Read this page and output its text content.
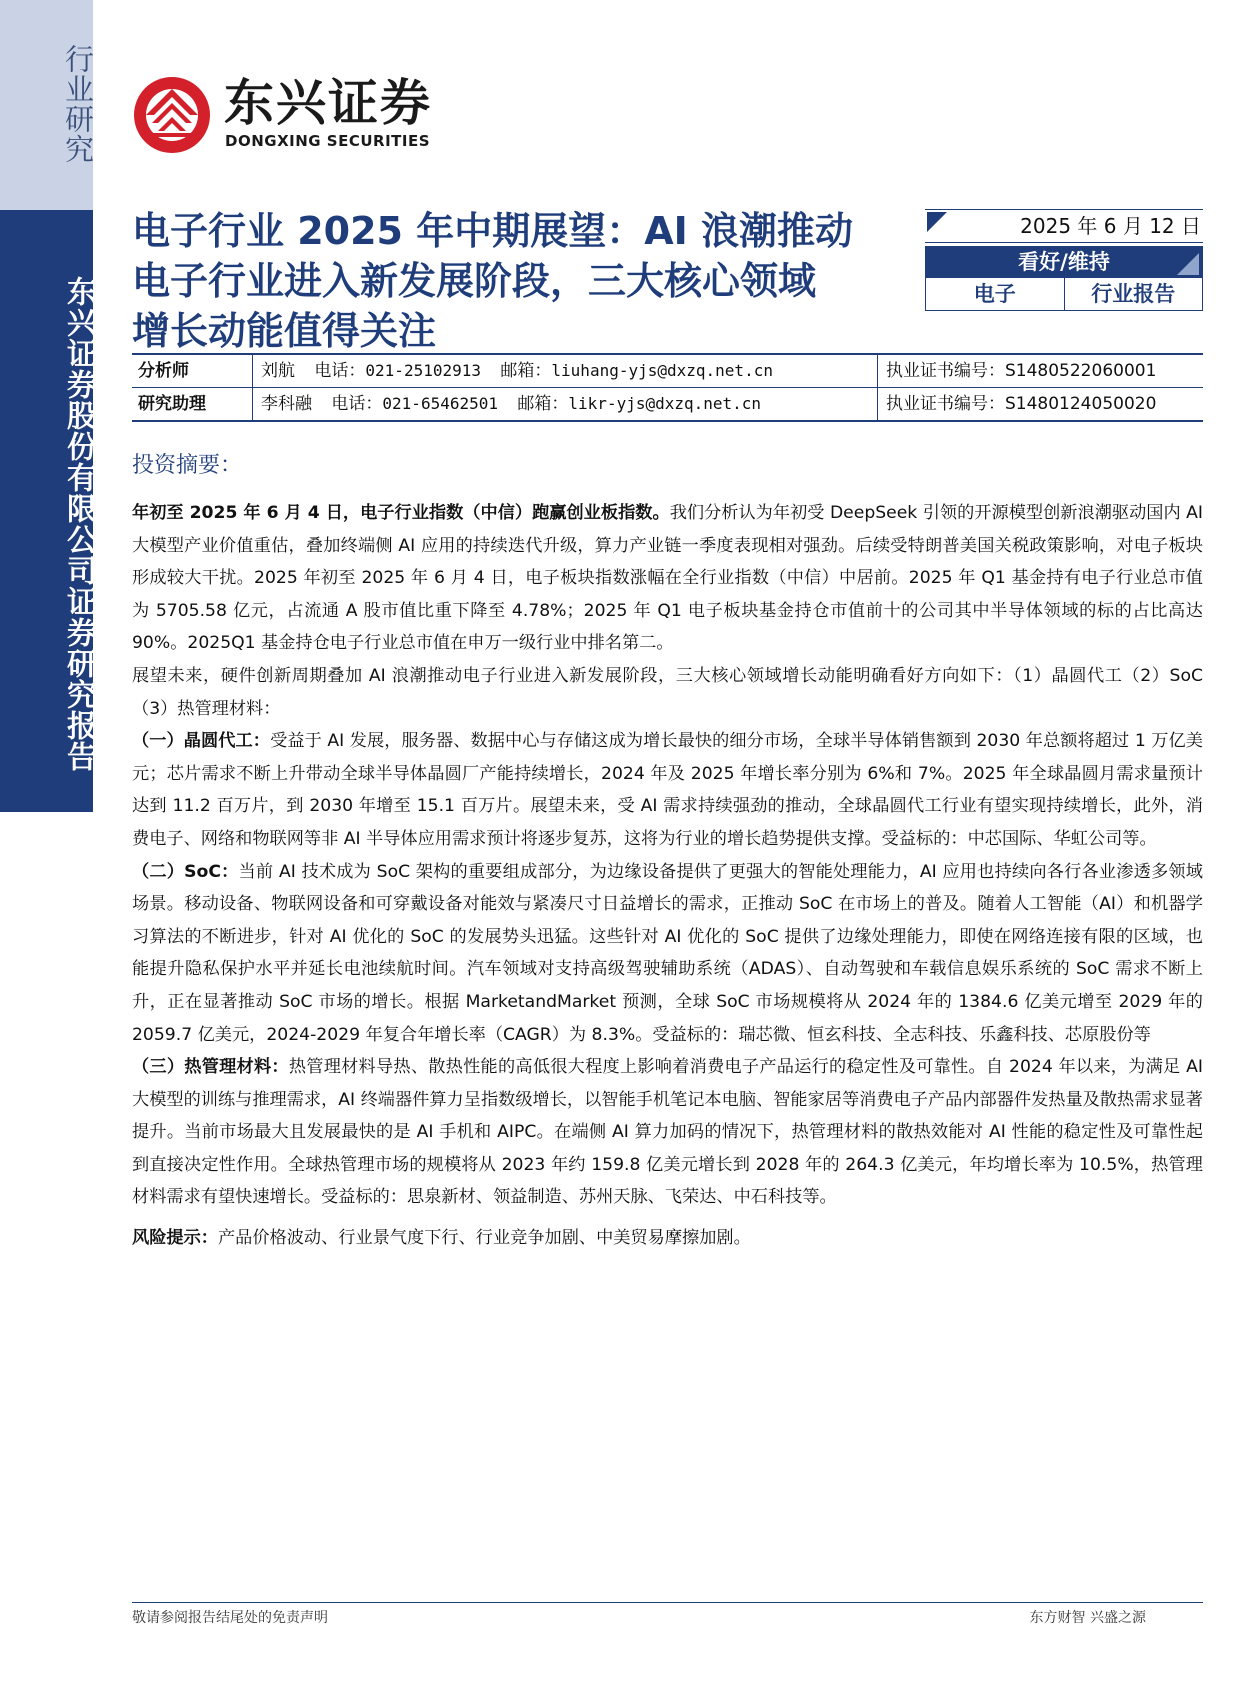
行业研究
东兴证券股份有限公司证券研究报告
东兴证券
DONGXING SECURITIES
电子行业 2025 年中期展望：AI 浪潮推动
电子行业进入新发展阶段，三大核心领域
增长动能值得关注
2025 年 6 月 12 日
看好/维持
电子	行业报告
分析师	刘航 电话：021-25102913 邮箱：liuhang-yjs@dxzq.net.cn	执业证书编号：S1480522060001
研究助理	李科融 电话：021-65462501 邮箱：likr-yjs@dxzq.net.cn	执业证书编号：S1480124050020
投资摘要：

年初至 2025 年 6 月 4 日，电子行业指数（中信）跑赢创业板指数。我们分析认为年初受 DeepSeek 引领的开源模型创新浪潮驱动国内 AI 大模型产业价值重估，叠加终端侧 AI 应用的持续迭代升级，算力产业链一季度表现相对强劲。后续受特朗普美国关税政策影响，对电子板块形成较大干扰。2025 年初至 2025 年 6 月 4 日，电子板块指数涨幅在全行业指数（中信）中居前。2025 年 Q1 基金持有电子行业总市值为 5705.58 亿元，占流通 A 股市值比重下降至 4.78%；2025 年 Q1 电子板块基金持仓市值前十的公司其中半导体领域的标的占比高达 90%。2025Q1 基金持仓电子行业总市值在申万一级行业中排名第二。

展望未来，硬件创新周期叠加 AI 浪潮推动电子行业进入新发展阶段，三大核心领域增长动能明确看好方向如下：（1）晶圆代工（2）SoC（3）热管理材料：

（一）晶圆代工：受益于 AI 发展，服务器、数据中心与存储这成为增长最快的细分市场，全球半导体销售额到 2030 年总额将超过 1 万亿美元；芯片需求不断上升带动全球半导体晶圆厂产能持续增长，2024 年及 2025 年增长率分别为 6%和 7%。2025 年全球晶圆月需求量预计达到 11.2 百万片，到 2030 年增至 15.1 百万片。展望未来，受 AI 需求持续强劲的推动，全球晶圆代工行业有望实现持续增长，此外，消费电子、网络和物联网等非 AI 半导体应用需求预计将逐步复苏，这将为行业的增长趋势提供支撑。受益标的：中芯国际、华虹公司等。

（二）SoC：当前 AI 技术成为 SoC 架构的重要组成部分，为边缘设备提供了更强大的智能处理能力，AI 应用也持续向各行各业渗透多领域场景。移动设备、物联网设备和可穿戴设备对能效与紧凑尺寸日益增长的需求，正推动 SoC 在市场上的普及。随着人工智能（AI）和机器学习算法的不断进步，针对 AI 优化的 SoC 的发展势头迅猛。这些针对 AI 优化的 SoC 提供了边缘处理能力，即使在网络连接有限的区域，也能提升隐私保护水平并延长电池续航时间。汽车领域对支持高级驾驶辅助系统（ADAS）、自动驾驶和车载信息娱乐系统的 SoC 需求不断上升，正在显著推动 SoC 市场的增长。根据 MarketandMarket 预测，全球 SoC 市场规模将从 2024 年的 1384.6 亿美元增至 2029 年的 2059.7 亿美元，2024-2029 年复合年增长率（CAGR）为 8.3%。受益标的：瑞芯微、恒玄科技、全志科技、乐鑫科技、芯原股份等

（三）热管理材料：热管理材料导热、散热性能的高低很大程度上影响着消费电子产品运行的稳定性及可靠性。自 2024 年以来，为满足 AI 大模型的训练与推理需求，AI 终端器件算力呈指数级增长，以智能手机笔记本电脑、智能家居等消费电子产品内部器件发热量及散热需求显著提升。当前市场最大且发展最快的是 AI 手机和 AIPC。在端侧 AI 算力加码的情况下，热管理材料的散热效能对 AI 性能的稳定性及可靠性起到直接决定性作用。全球热管理市场的规模将从 2023 年约 159.8 亿美元增长到 2028 年的 264.3 亿美元，年均增长率为 10.5%，热管理材料需求有望快速增长。受益标的：思泉新材、领益制造、苏州天脉、飞荣达、中石科技等。

风险提示：产品价格波动、行业景气度下行、行业竞争加剧、中美贸易摩擦加剧。

敬请参阅报告结尾处的免责声明	东方财智 兴盛之源
